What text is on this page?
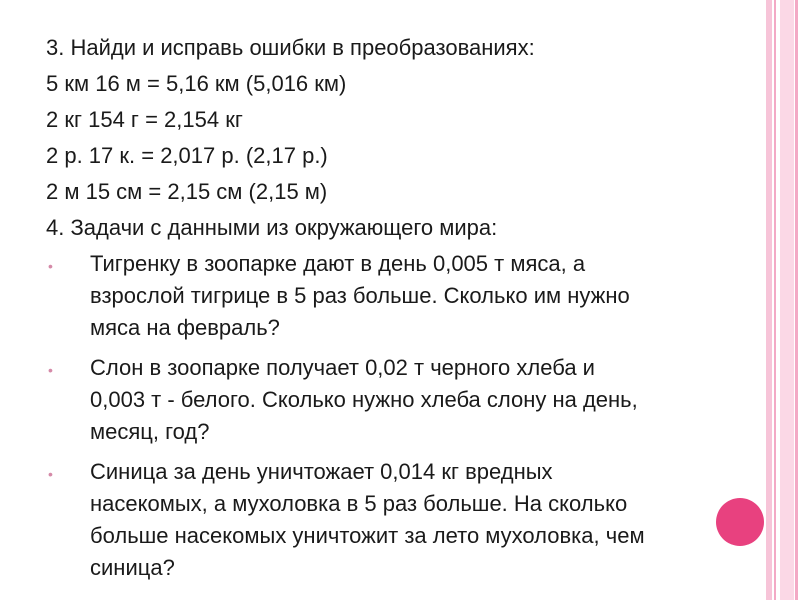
3. Найди и исправь ошибки в преобразованиях:
5 км 16 м = 5,16 км (5,016 км)
2 кг 154 г = 2,154 кг
2 р. 17 к. = 2,017 р. (2,17 р.)
2 м 15 см = 2,15 см (2,15 м)
4. Задачи с данными из окружающего мира:
• Тигренку в зоопарке дают в день 0,005 т мяса, а
взрослой тигрице в 5 раз больше. Сколько им нужно
мяса на февраль?
• Слон в зоопарке получает 0,02 т черного хлеба и
0,003 т - белого. Сколько нужно хлеба слону на день,
месяц, год?
• Синица за день уничтожает 0,014 кг вредных
насекомых, а мухоловка в 5 раз больше. На сколько
больше насекомых уничтожит за лето мухоловка, чем
синица?
